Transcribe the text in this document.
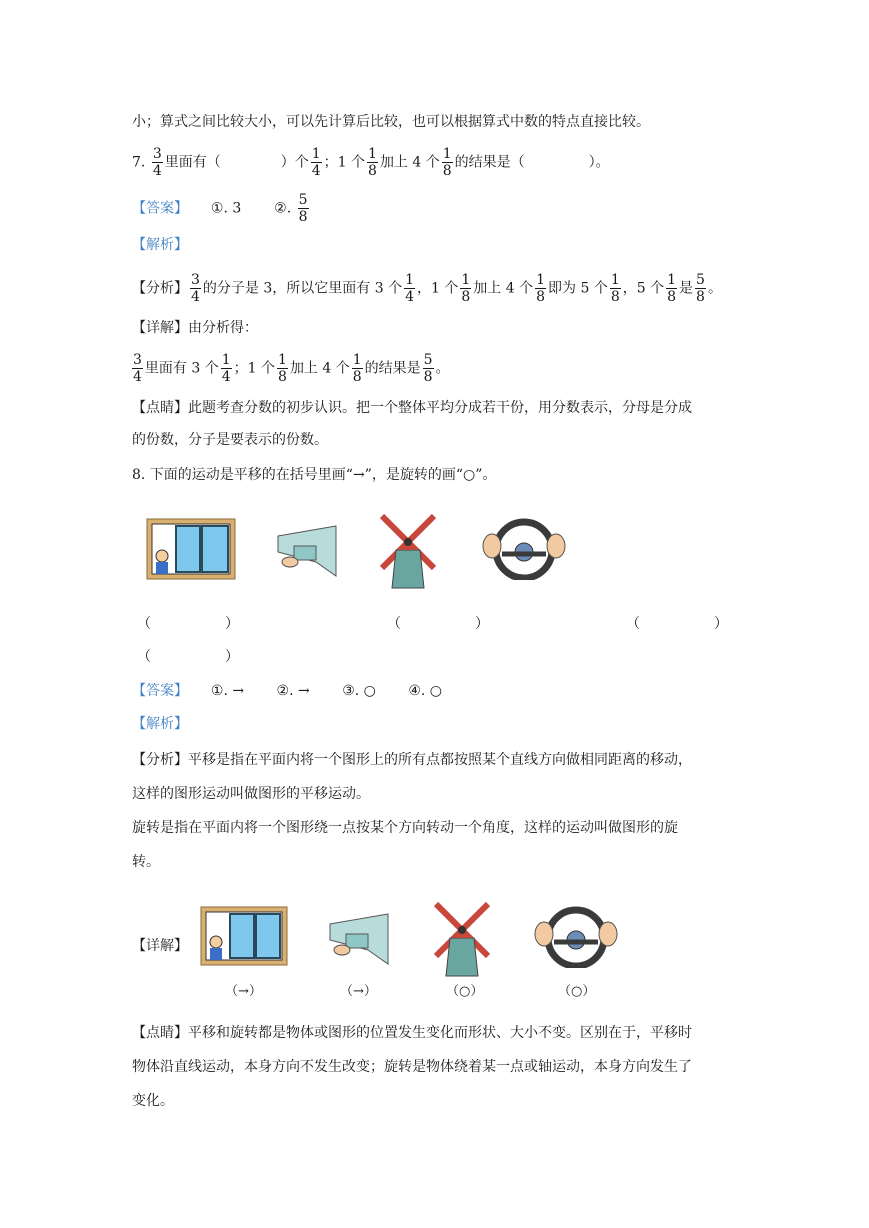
小；算式之间比较大小，可以先计算后比较，也可以根据算式中数的特点直接比较。
7. $\frac{3}{4}$ 里面有（	）个 $\frac{1}{4}$ ；1 个 $\frac{1}{8}$ 加上 4 个 $\frac{1}{8}$ 的结果是（	）。
【答案】 ①. 3 ②. $\frac{5}{8}$
【解析】
【分析】 $\frac{3}{4}$ 的分子是 3，所以它里面有 3 个 $\frac{1}{4}$ ，1 个 $\frac{1}{8}$ 加上 4 个 $\frac{1}{8}$ 即为 5 个 $\frac{1}{8}$ ，5 个 $\frac{1}{8}$ 是 $\frac{5}{8}$ 。
【详解】由分析得：
$\frac{3}{4}$ 里面有 3 个 $\frac{1}{4}$ ；1 个 $\frac{1}{8}$ 加上 4 个 $\frac{1}{8}$ 的结果是 $\frac{5}{8}$ 。
【点睛】此题考查分数的初步认识。把一个整体平均分成若干份，用分数表示，分母是分成
的份数，分子是要表示的份数。
8. 下面的运动是平移的在括号里画“→”，是旋转的画“○”。
（	）	（	）	（	）
（	）
【答案】 ①. → ②. → ③. ○ ④. ○
【解析】
【分析】平移是指在平面内将一个图形上的所有点都按照某个直线方向做相同距离的移动，
这样的图形运动叫做图形的平移运动。
旋转是指在平面内将一个图形绕一点按某个方向转动一个角度，这样的运动叫做图形的旋
转。
【详解】
（→）	（→）	（○）	（○）
【点睛】平移和旋转都是物体或图形的位置发生变化而形状、大小不变。区别在于，平移时
物体沿直线运动，本身方向不发生改变；旋转是物体绕着某一点或轴运动，本身方向发生了
变化。
